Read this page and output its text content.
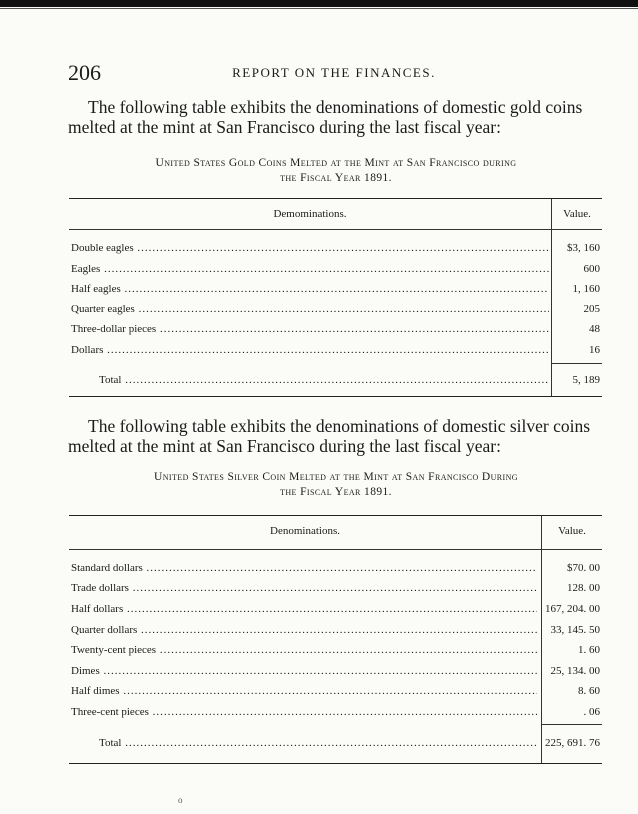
206	REPORT ON THE FINANCES.
The following table exhibits the denominations of domestic gold coins melted at the mint at San Francisco during the last fiscal year:
United States Gold Coins Melted at the Mint at San Francisco during
the Fiscal Year 1891.
Demominations.	Value.
Double eagles .....	$3, 160
Eagles .....	600
Half eagles .....	1, 160
Quarter eagles .....	205
Three-dollar pieces .....	48
Dollars .....	16
Total .....	5, 189
The following table exhibits the denominations of domestic silver coins melted at the mint at San Francisco during the last fiscal year:
United States Silver Coin Melted at the Mint at San Francisco During
the Fiscal Year 1891.
Denominations.	Value.
Standard dollars .....	$70. 00
Trade dollars .....	128. 00
Half dollars .....	167, 204. 00
Quarter dollars .....	33, 145. 50
Twenty-cent pieces .....	1. 60
Dimes .....	25, 134. 00
Half dimes .....	8. 60
Three-cent pieces .....	. 06
Total .....	225, 691. 76
o
